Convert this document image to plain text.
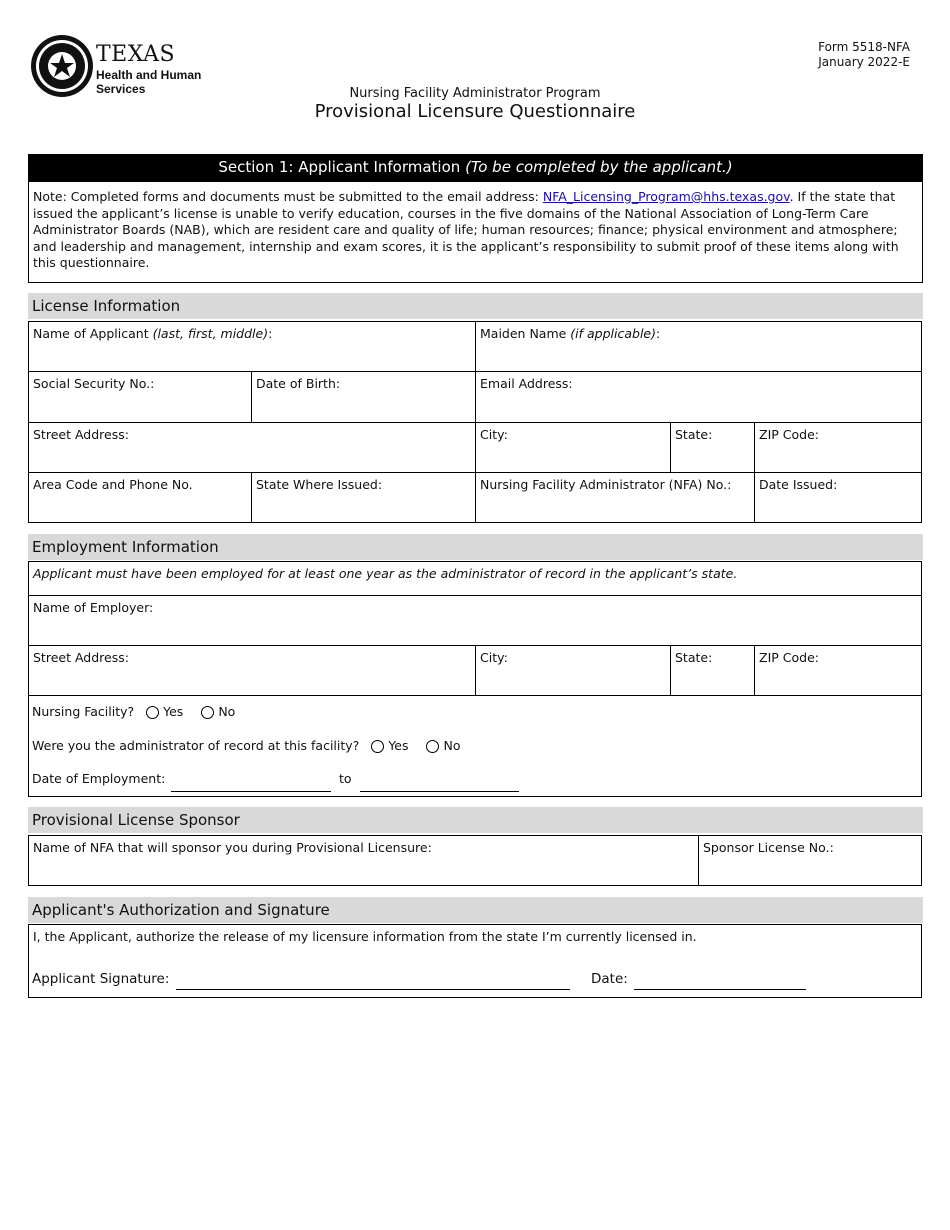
TEXAS
Health and Human Services
Form 5518-NFA
January 2022-E
Nursing Facility Administrator Program
Provisional Licensure Questionnaire
Section 1: Applicant Information (To be completed by the applicant.)
Note: Completed forms and documents must be submitted to the email address: NFA_Licensing_Program@hhs.texas.gov. If the state that issued the applicant’s license is unable to verify education, courses in the five domains of the National Association of Long-Term Care Administrator Boards (NAB), which are resident care and quality of life; human resources; finance; physical environment and atmosphere; and leadership and management, internship and exam scores, it is the applicant’s responsibility to submit proof of these items along with this questionnaire.
License Information
Name of Applicant (last, first, middle):	Maiden Name (if applicable):
Social Security No.:	Date of Birth:	Email Address:
Street Address:	City:	State:	ZIP Code:
Area Code and Phone No.	State Where Issued:	Nursing Facility Administrator (NFA) No.:	Date Issued:
Employment Information
Applicant must have been employed for at least one year as the administrator of record in the applicant’s state.
Name of Employer:
Street Address:	City:	State:	ZIP Code:
Nursing Facility? Yes	No
Were you the administrator of record at this facility? Yes	No
Date of Employment:	to
Provisional License Sponsor
Name of NFA that will sponsor you during Provisional Licensure:	Sponsor License No.:
Applicant's Authorization and Signature
I, the Applicant, authorize the release of my licensure information from the state I’m currently licensed in.
Applicant Signature:	Date:
